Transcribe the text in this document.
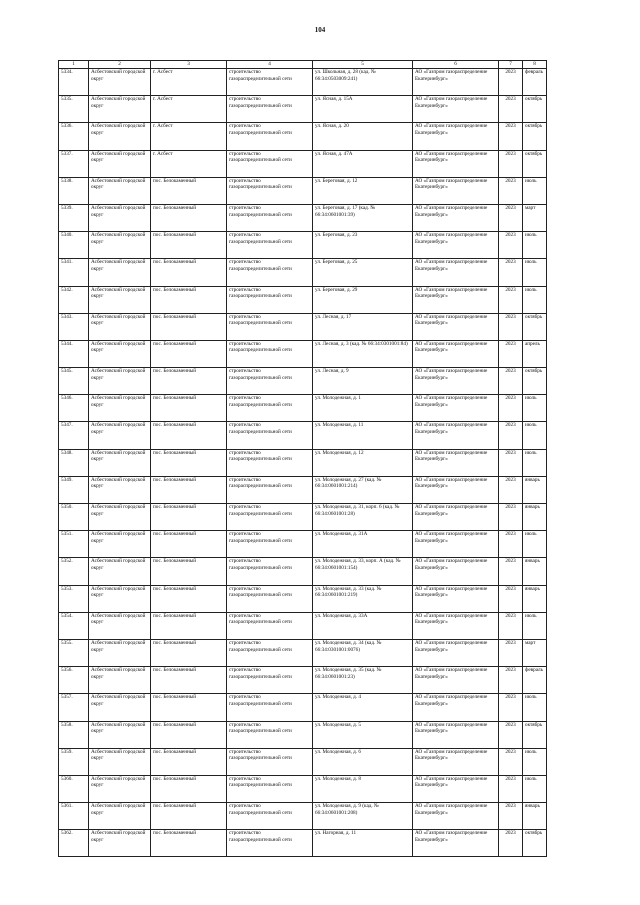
104
1	2	3	4	5	6	7	8
5334.	Асбестовский городской округ	г. Асбест	строительство газораспределительной сети	ул. Школьная, д. 28 (кад. № 66:34:0503009:241)	АО «Газпром газораспределение Екатеринбург»	2023	февраль
5335.	Асбестовский городской округ	г. Асбест	строительство газораспределительной сети	ул. Ясная, д. 15А	АО «Газпром газораспределение Екатеринбург»	2023	октябрь
5336.	Асбестовский городской округ	г. Асбест	строительство газораспределительной сети	ул. Ясная, д. 20	АО «Газпром газораспределение Екатеринбург»	2023	октябрь
5337.	Асбестовский городской округ	г. Асбест	строительство газораспределительной сети	ул. Ясная, д. 47А	АО «Газпром газораспределение Екатеринбург»	2023	октябрь
5338.	Асбестовский городской округ	пос. Белокаменный	строительство газораспределительной сети	ул. Береговая, д. 12	АО «Газпром газораспределение Екатеринбург»	2023	июль
5339.	Асбестовский городской округ	пос. Белокаменный	строительство газораспределительной сети	ул. Береговая, д. 17 (кад. № 66:34:0601001:39)	АО «Газпром газораспределение Екатеринбург»	2023	март
5340.	Асбестовский городской округ	пос. Белокаменный	строительство газораспределительной сети	ул. Береговая, д. 23	АО «Газпром газораспределение Екатеринбург»	2023	июль
5341.	Асбестовский городской округ	пос. Белокаменный	строительство газораспределительной сети	ул. Береговая, д. 25	АО «Газпром газораспределение Екатеринбург»	2023	июль
5342.	Асбестовский городской округ	пос. Белокаменный	строительство газораспределительной сети	ул. Береговая, д. 29	АО «Газпром газораспределение Екатеринбург»	2023	июль
5343.	Асбестовский городской округ	пос. Белокаменный	строительство газораспределительной сети	ул. Лесная, д. 17	АО «Газпром газораспределение Екатеринбург»	2023	октябрь
5344.	Асбестовский городской округ	пос. Белокаменный	строительство газораспределительной сети	ул. Лесная, д. 3 (кад. № 66:34:0301001:84)	АО «Газпром газораспределение Екатеринбург»	2023	апрель
5345.	Асбестовский городской округ	пос. Белокаменный	строительство газораспределительной сети	ул. Лесная, д. 9	АО «Газпром газораспределение Екатеринбург»	2023	октябрь
5346.	Асбестовский городской округ	пос. Белокаменный	строительство газораспределительной сети	ул. Молодежная, д. 1	АО «Газпром газораспределение Екатеринбург»	2023	июль
5347.	Асбестовский городской округ	пос. Белокаменный	строительство газораспределительной сети	ул. Молодежная, д. 11	АО «Газпром газораспределение Екатеринбург»	2023	июль
5348.	Асбестовский городской округ	пос. Белокаменный	строительство газораспределительной сети	ул. Молодежная, д. 12	АО «Газпром газораспределение Екатеринбург»	2023	июль
5349.	Асбестовский городской округ	пос. Белокаменный	строительство газораспределительной сети	ул. Молодежная, д. 27 (кад. № 66:34:0601001:214)	АО «Газпром газораспределение Екатеринбург»	2023	январь
5350.	Асбестовский городской округ	пос. Белокаменный	строительство газораспределительной сети	ул. Молодежная, д. 31, корп. 6 (кад. № 66:34:0601001:28)	АО «Газпром газораспределение Екатеринбург»	2023	январь
5351.	Асбестовский городской округ	пос. Белокаменный	строительство газораспределительной сети	ул. Молодежная, д. 31А	АО «Газпром газораспределение Екатеринбург»	2023	июль
5352.	Асбестовский городской округ	пос. Белокаменный	строительство газораспределительной сети	ул. Молодежная, д. 33, корп. А (кад. № 66:34:0601001:154)	АО «Газпром газораспределение Екатеринбург»	2023	январь
5353.	Асбестовский городской округ	пос. Белокаменный	строительство газораспределительной сети	ул. Молодежная, д. 33 (кад. № 66:34:0601001:219)	АО «Газпром газораспределение Екатеринбург»	2023	январь
5354.	Асбестовский городской округ	пос. Белокаменный	строительство газораспределительной сети	ул. Молодежная, д. 33А	АО «Газпром газораспределение Екатеринбург»	2023	июль
5355.	Асбестовский городской округ	пос. Белокаменный	строительство газораспределительной сети	ул. Молодежная, д. 34 (кад. № 66:34:0301001:0076)	АО «Газпром газораспределение Екатеринбург»	2023	март
5356.	Асбестовский городской округ	пос. Белокаменный	строительство газораспределительной сети	ул. Молодежная, д. 35 (кад. № 66:34:0601001:23)	АО «Газпром газораспределение Екатеринбург»	2023	февраль
5357.	Асбестовский городской округ	пос. Белокаменный	строительство газораспределительной сети	ул. Молодежная, д. 4	АО «Газпром газораспределение Екатеринбург»	2023	июль
5358.	Асбестовский городской округ	пос. Белокаменный	строительство газораспределительной сети	ул. Молодежная, д. 5	АО «Газпром газораспределение Екатеринбург»	2023	октябрь
5359.	Асбестовский городской округ	пос. Белокаменный	строительство газораспределительной сети	ул. Молодежная, д. 6	АО «Газпром газораспределение Екатеринбург»	2023	июль
5360.	Асбестовский городской округ	пос. Белокаменный	строительство газораспределительной сети	ул. Молодежная, д. 8	АО «Газпром газораспределение Екатеринбург»	2023	июль
5361.	Асбестовский городской округ	пос. Белокаменный	строительство газораспределительной сети	ул. Молодежная, д. 9 (кад. № 66:34:0601001:208)	АО «Газпром газораспределение Екатеринбург»	2023	январь
5362.	Асбестовский городской округ	пос. Белокаменный	строительство газораспределительной сети	ул. Нагорная, д. 11	АО «Газпром газораспределение Екатеринбург»	2023	октябрь
